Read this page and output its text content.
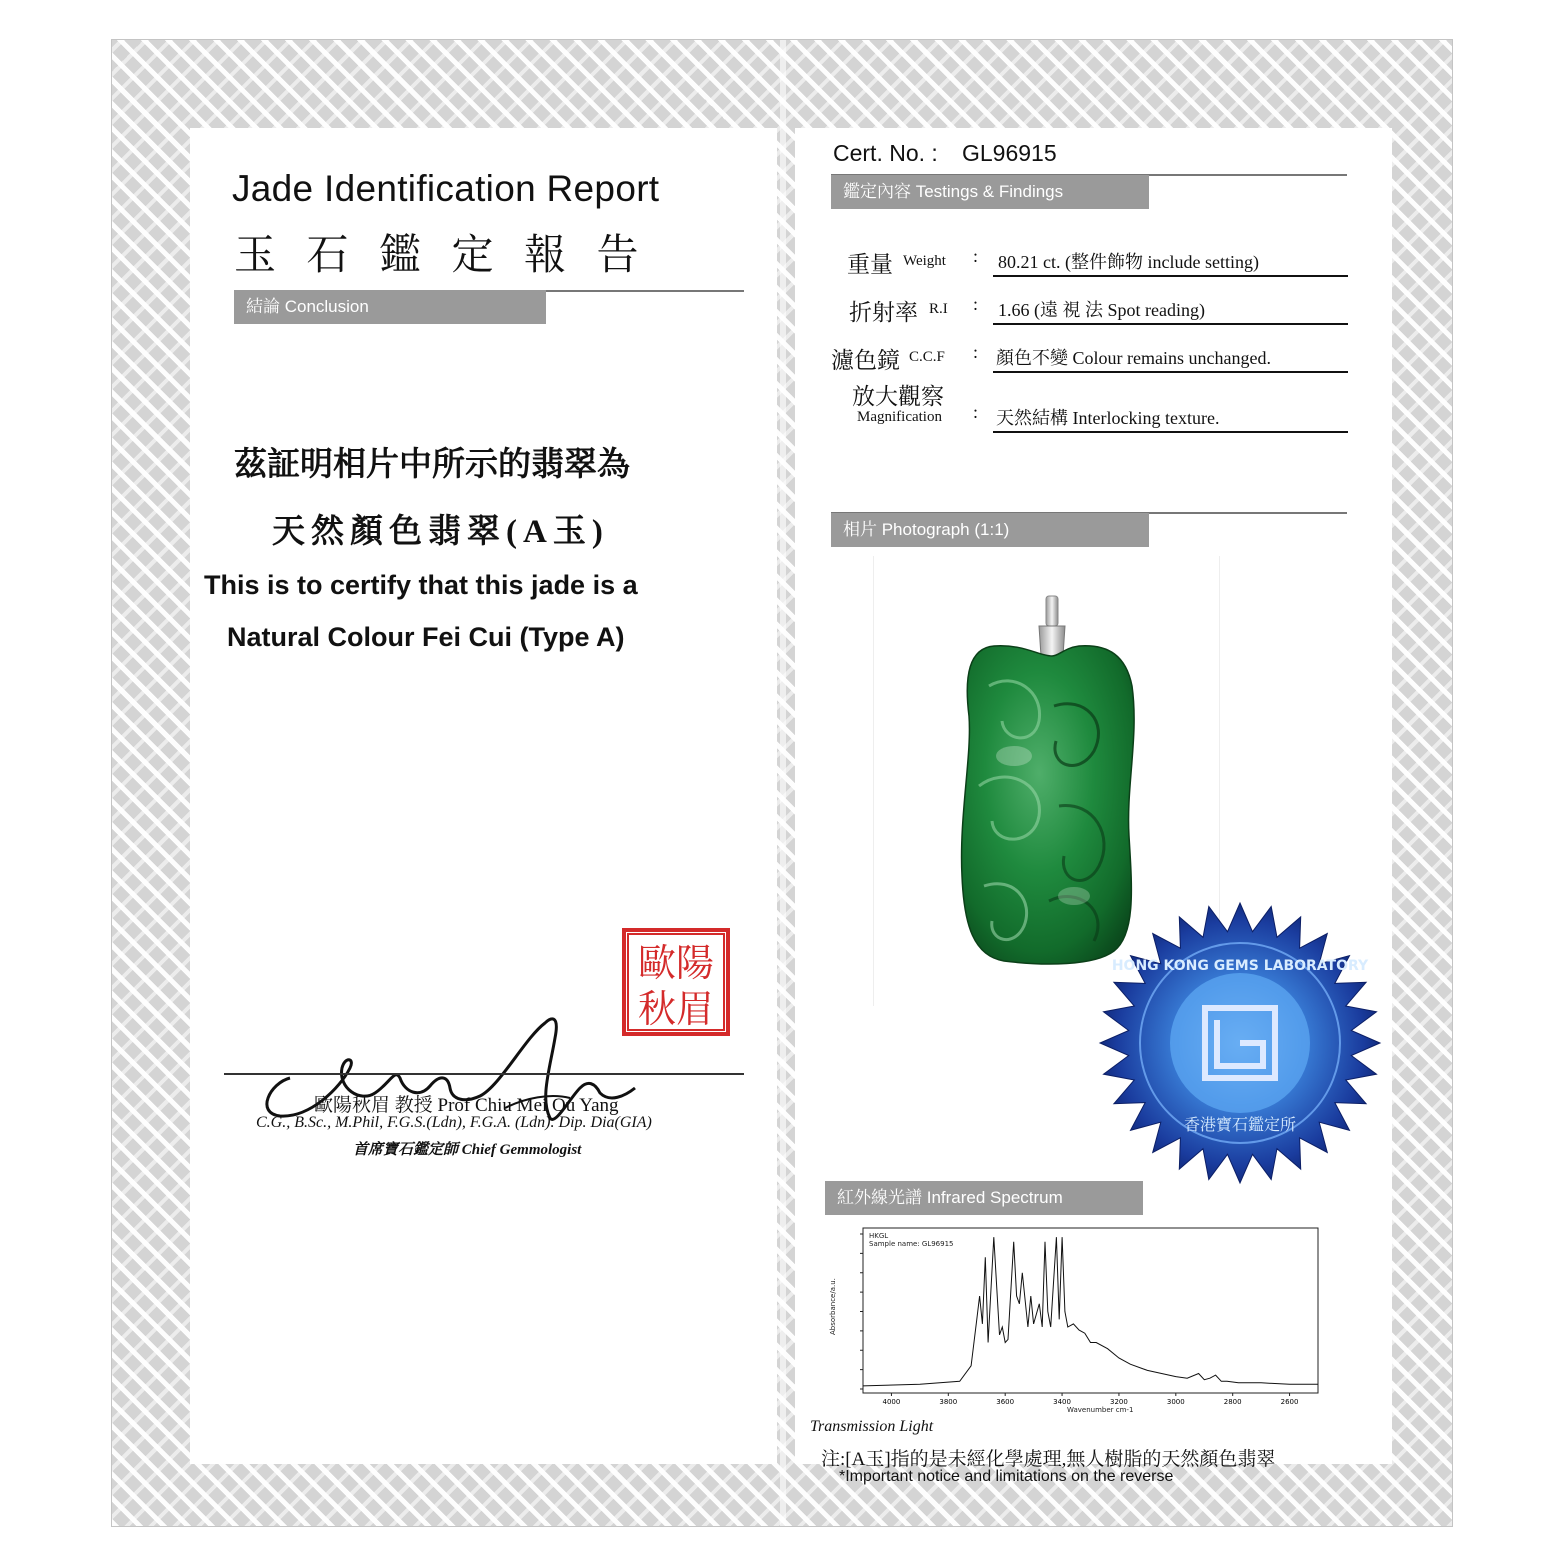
Jade Identification Report
玉 石 鑑 定 報 告
結論 Conclusion
茲証明相片中所示的翡翠為
天然顏色翡翠(A玉)
This is to certify that this jade is a
Natural Colour Fei Cui (Type A)
歐陽
秋眉
歐陽秋眉 教授 Prof Chiu Mei Ou Yang
C.G., B.Sc., M.Phil, F.G.S.(Ldn), F.G.A. (Ldn). Dip. Dia(GIA)
首席寶石鑑定師 Chief Gemmologist
Cert. No. : GL96915
鑑定內容 Testings & Findings
重量 Weight : 80.21 ct. (整件飾物 include setting)
折射率 R.I : 1.66 (遠 視 法 Spot reading)
濾色鏡 C.C.F : 顏色不變 Colour remains unchanged.
放大觀察
Magnification : 天然結構 Interlocking texture.
相片 Photograph (1:1)
HONG KONG GEMS LABORATORY
香港寶石鑑定所
紅外線光譜 Infrared Spectrum
HKGL
Sample name: GL96915
Absorbance/a.u.
Wavenumber cm-1
4000	3800	3600	3400	3200	3000	2800	2600
Transmission Light
注:[A玉]指的是未經化學處理,無人樹脂的天然顏色翡翠
*Important notice and limitations on the reverse
